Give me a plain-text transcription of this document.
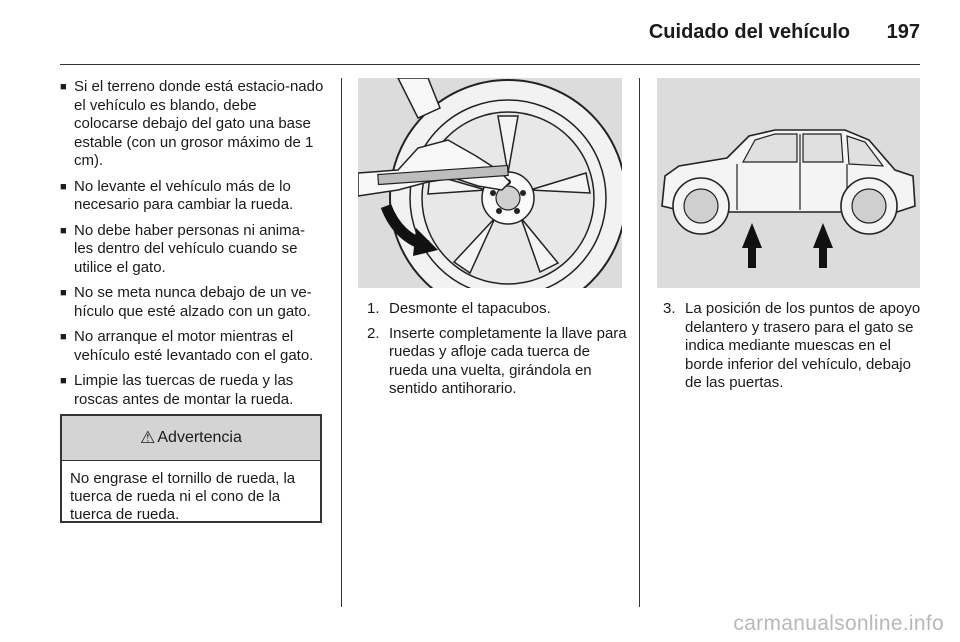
Cuidado del vehículo 197
■ Si el terreno donde está estacio-nado el vehículo es blando, debe colocarse debajo del gato una base estable (con un grosor máximo de 1 cm).
■ No levante el vehículo más de lo necesario para cambiar la rueda.
■ No debe haber personas ni anima-les dentro del vehículo cuando se utilice el gato.
■ No se meta nunca debajo de un ve-hículo que esté alzado con un gato.
■ No arranque el motor mientras el vehículo esté levantado con el gato.
■ Limpie las tuercas de rueda y las roscas antes de montar la rueda.
⚠ Advertencia
No engrase el tornillo de rueda, la tuerca de rueda ni el cono de la tuerca de rueda.
1. Desmonte el tapacubos.
2. Inserte completamente la llave para ruedas y afloje cada tuerca de rueda una vuelta, girándola en sentido antihorario.
3. La posición de los puntos de apoyo delantero y trasero para el gato se indica mediante muescas en el borde inferior del vehículo, debajo de las puertas.
carmanualsonline.info
